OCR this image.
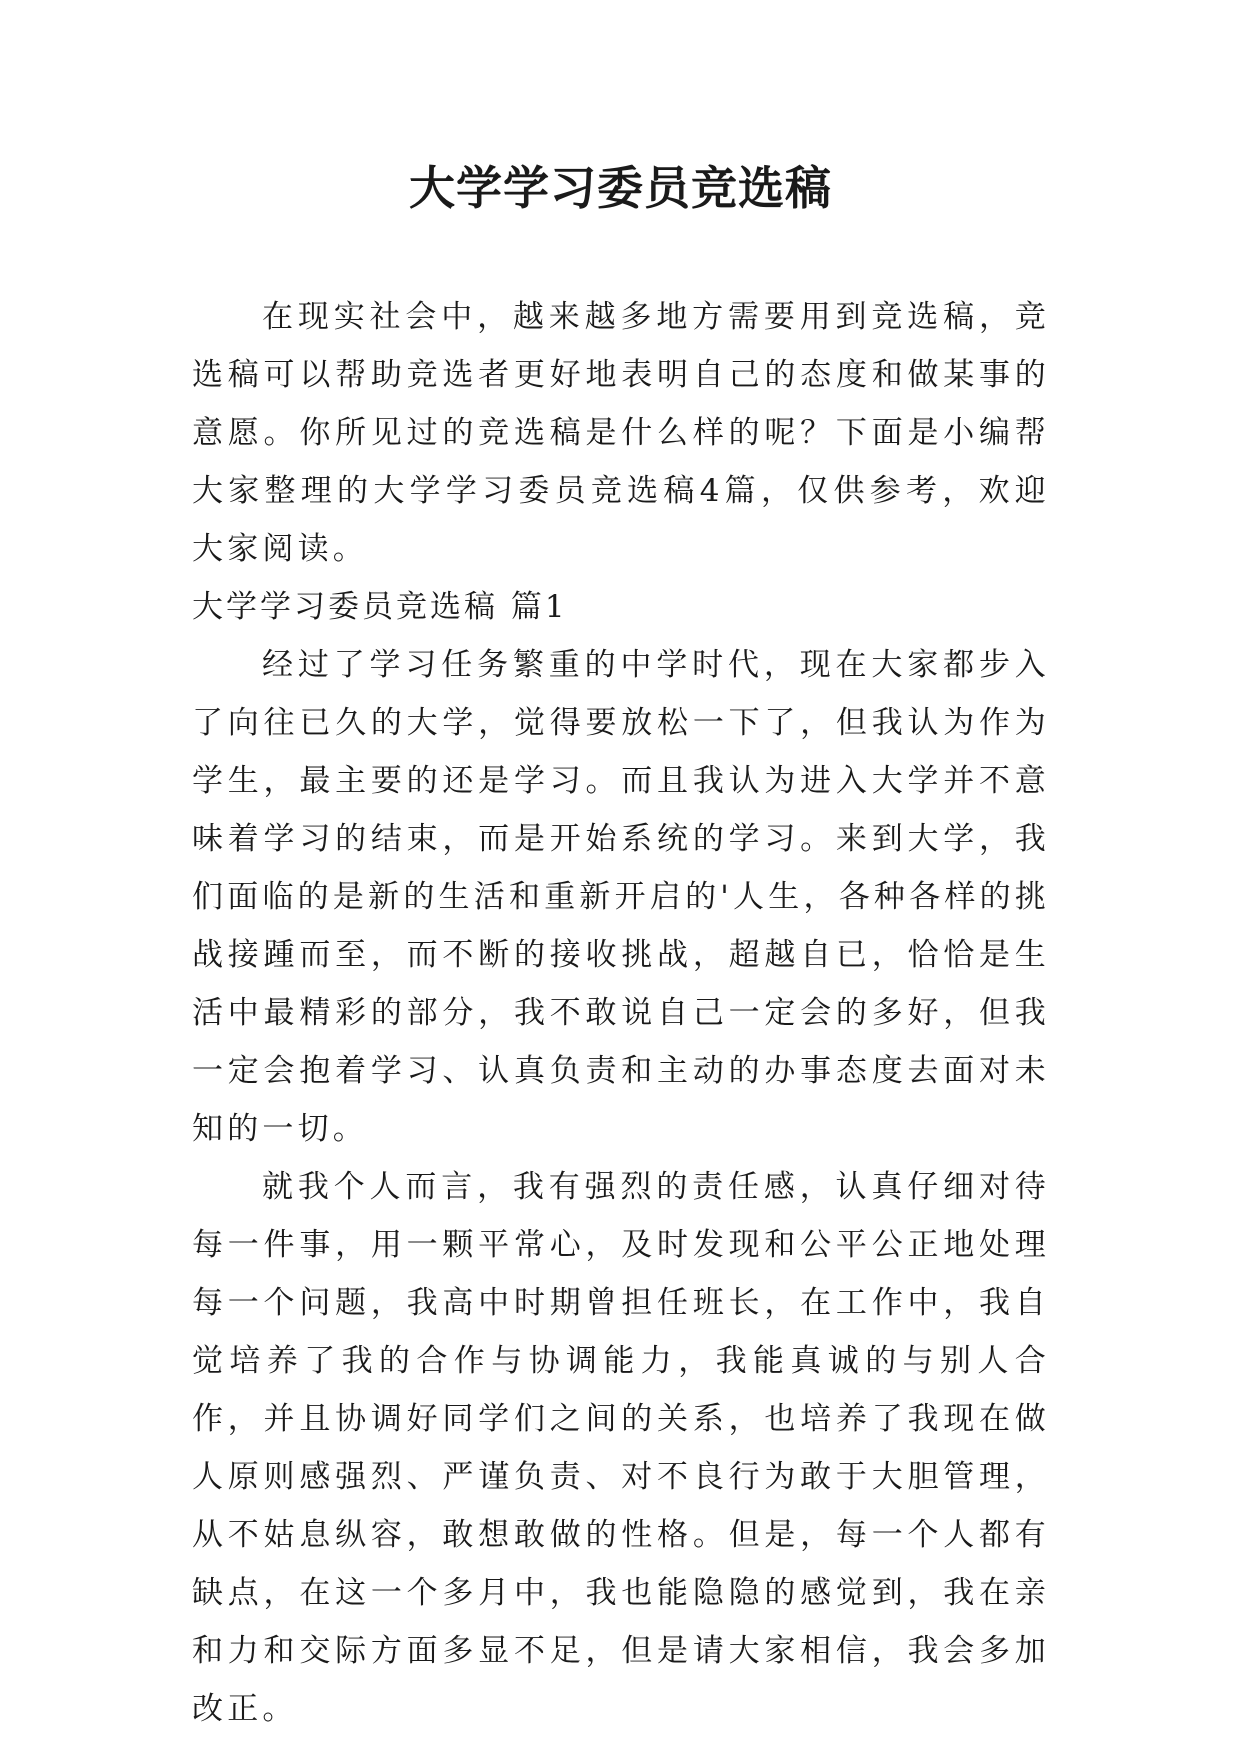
大学学习委员竞选稿

在现实社会中，越来越多地方需要用到竞选稿，竞选稿可以帮助竞选者更好地表明自己的态度和做某事的意愿。你所见过的竞选稿是什么样的呢？下面是小编帮大家整理的大学学习委员竞选稿4篇，仅供参考，欢迎大家阅读。

大学学习委员竞选稿 篇1

经过了学习任务繁重的中学时代，现在大家都步入了向往已久的大学，觉得要放松一下了，但我认为作为学生，最主要的还是学习。而且我认为进入大学并不意味着学习的结束，而是开始系统的学习。来到大学，我们面临的是新的生活和重新开启的'人生，各种各样的挑战接踵而至，而不断的接收挑战，超越自已，恰恰是生活中最精彩的部分，我不敢说自己一定会的多好，但我一定会抱着学习、认真负责和主动的办事态度去面对未知的一切。

就我个人而言，我有强烈的责任感，认真仔细对待每一件事，用一颗平常心，及时发现和公平公正地处理每一个问题，我高中时期曾担任班长，在工作中，我自觉培养了我的合作与协调能力，我能真诚的与别人合作，并且协调好同学们之间的关系，也培养了我现在做人原则感强烈、严谨负责、对不良行为敢于大胆管理，从不姑息纵容，敢想敢做的性格。但是，每一个人都有缺点，在这一个多月中，我也能隐隐的感觉到，我在亲和力和交际方面多显不足，但是请大家相信，我会多加改正。
